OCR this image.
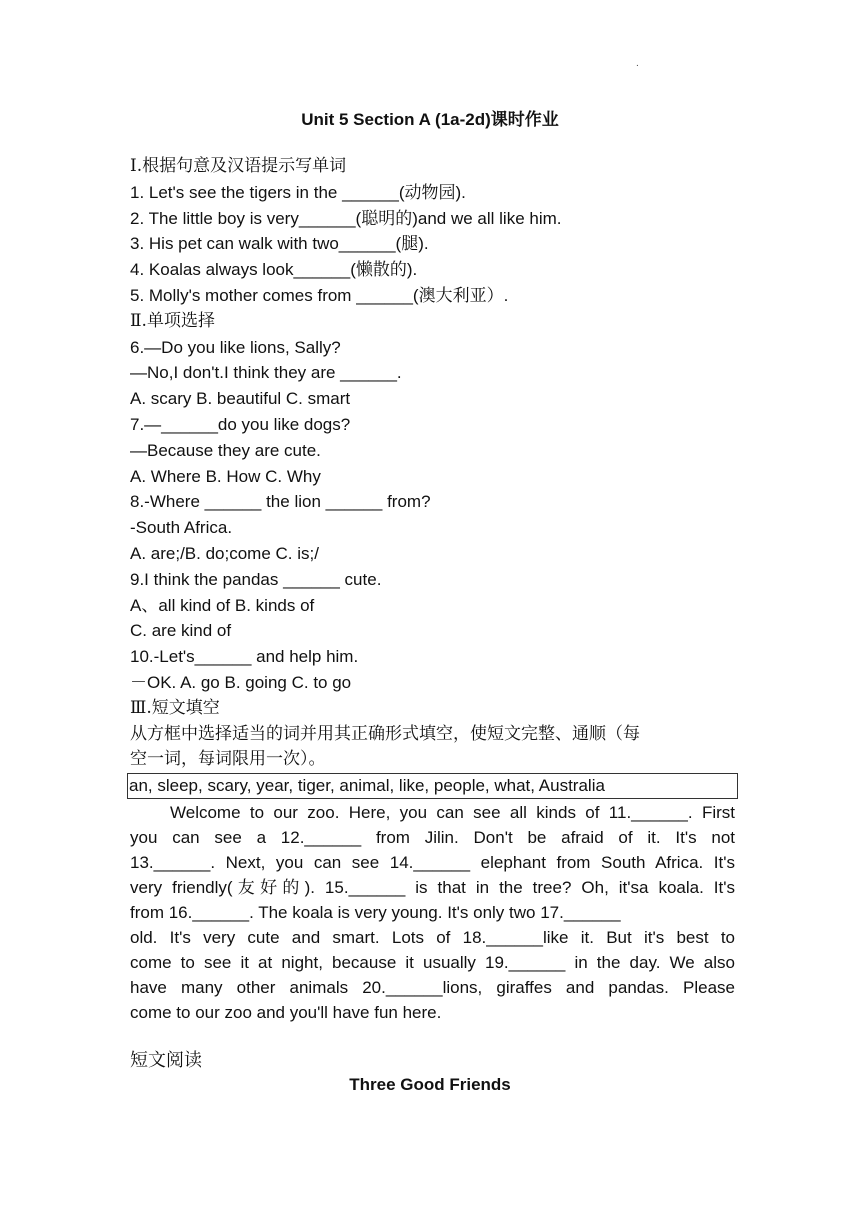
.
Unit 5 Section A (1a-2d)课时作业
Ⅰ.根据句意及汉语提示写单词
1. Let's see the tigers in the ______(动物园).
2. The little boy is very______(聪明的)and we all like him.
3. His pet can walk with two______(腿).
4. Koalas always look______(懒散的).
5. Molly's mother comes from ______(澳大利亚）.
Ⅱ.单项选择
6.—Do you like lions, Sally?
—No,I don't.I think they are ______.
A. scary B. beautiful C. smart
7.—______do you like dogs?
—Because they are cute.
A. Where B. How C. Why
8.-Where ______ the lion ______ from?
-South Africa.
A. are;/B. do;come C. is;/
9.I think the pandas ______ cute.
A、all kind of B. kinds of
C. are kind of
10.-Let's______ and help him.
－OK. A. go B. going C. to go
Ⅲ.短文填空
从方框中选择适当的词并用其正确形式填空，使短文完整、通顺（每
空一词，每词限用一次）。
an, sleep, scary, year, tiger, animal, like, people, what, Australia
Welcome to our zoo. Here, you can see all kinds of 11.______. First
you can see a 12.______ from Jilin. Don't be afraid of it. It's not
13.______. Next, you can see 14.______ elephant from South Africa. It's
very friendly(友好的). 15.______ is that in the tree? Oh, it'sa koala. It's
from 16.______. The koala is very young. It's only two 17.______
old. It's very cute and smart. Lots of 18.______like it. But it's best to
come to see it at night, because it usually 19.______ in the day. We also
have many other animals 20.______lions, giraffes and pandas. Please
come to our zoo and you'll have fun here.
短文阅读
Three Good Friends
